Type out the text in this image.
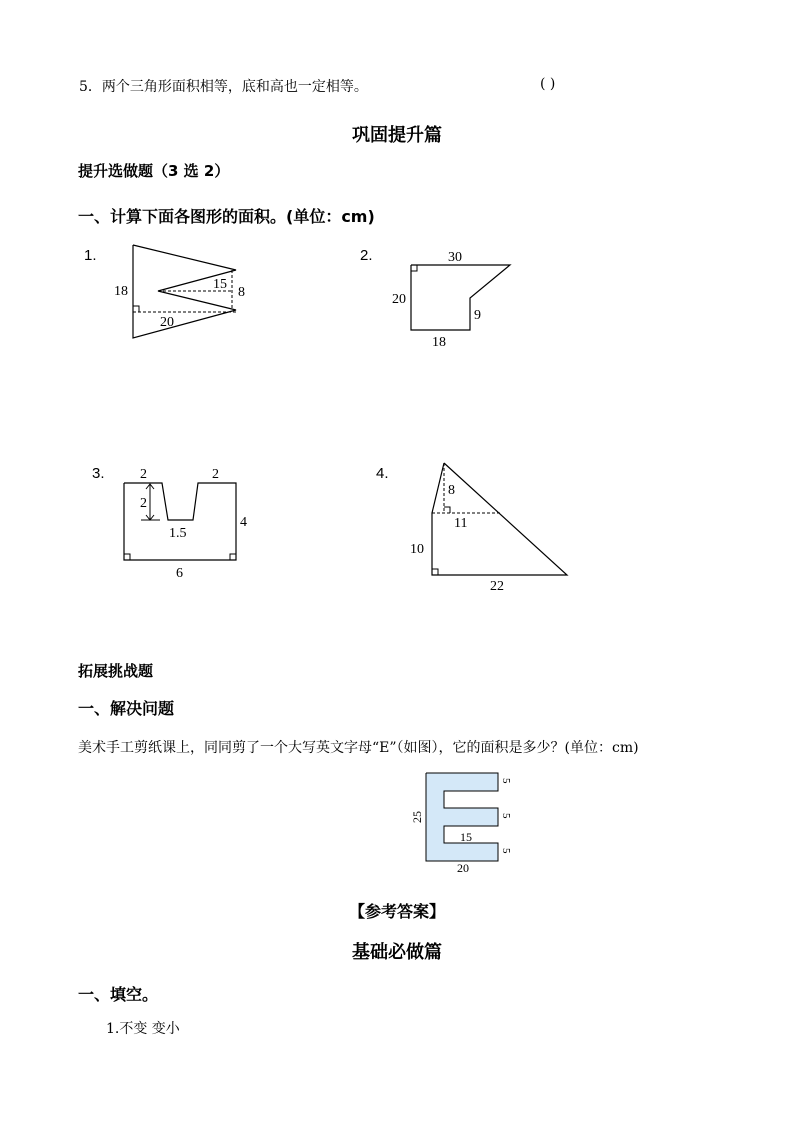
5．两个三角形面积相等，底和高也一定相等。	( )
巩固提升篇
提升选做题（3 选 2）
一、计算下面各图形的面积。(单位：cm)
1.	2.
3.	4.
18	15
8
20
30
20
9
18
2	2
2
1.5
4
6
8
11
10
22
拓展挑战题
一、解决问题
美术手工剪纸课上，同同剪了一个大写英文字母“E”（如图），它的面积是多少？(单位：cm)
25
15
20
5
5
5
【参考答案】
基础必做篇
一、填空。
1.不变 变小
